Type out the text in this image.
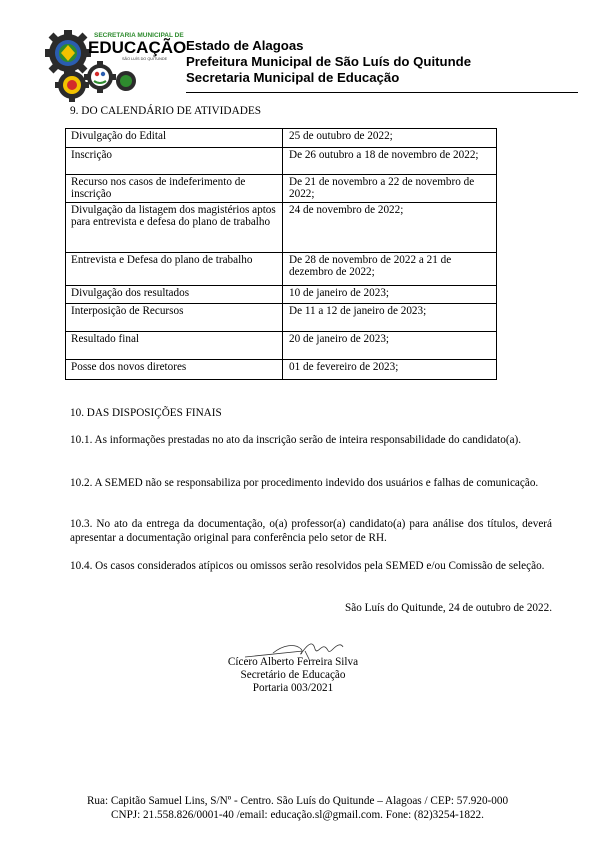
SECRETARIA MUNICIPAL DE
EDUCAÇÃO
SÃO LUÍS DO QUITUNDE
Estado de Alagoas
Prefeitura Municipal de São Luís do Quitunde
Secretaria Municipal de Educação
9. DO CALENDÁRIO DE ATIVIDADES
Divulgação do Edital	25 de outubro de 2022;
Inscrição	De 26 outubro a 18 de novembro de 2022;
Recurso nos casos de indeferimento de inscrição	De 21 de novembro a 22 de novembro de 2022;
Divulgação da listagem dos magistérios aptos para entrevista e defesa do plano de trabalho	24 de novembro de 2022;
Entrevista e Defesa do plano de trabalho	De 28 de novembro de 2022 a 21 de dezembro de 2022;
Divulgação dos resultados	10 de janeiro de 2023;
Interposição de Recursos	De 11 a 12 de janeiro de 2023;
Resultado final	20 de janeiro de 2023;
Posse dos novos diretores	01 de fevereiro de 2023;
10. DAS DISPOSIÇÕES FINAIS
10.1. As informações prestadas no ato da inscrição serão de inteira responsabilidade do candidato(a).
10.2. A SEMED não se responsabiliza por procedimento indevido dos usuários e falhas de comunicação.
10.3. No ato da entrega da documentação, o(a) professor(a) candidato(a) para análise dos títulos, deverá apresentar a documentação original para conferência pelo setor de RH.
10.4. Os casos considerados atípicos ou omissos serão resolvidos pela SEMED e/ou Comissão de seleção.
São Luís do Quitunde, 24 de outubro de 2022.
Cícero Alberto Ferreira Silva
Secretário de Educação
Portaria 003/2021
Rua: Capitão Samuel Lins, S/Nº - Centro. São Luís do Quitunde – Alagoas / CEP: 57.920-000
CNPJ: 21.558.826/0001-40 /email: educação.sl@gmail.com. Fone: (82)3254-1822.
